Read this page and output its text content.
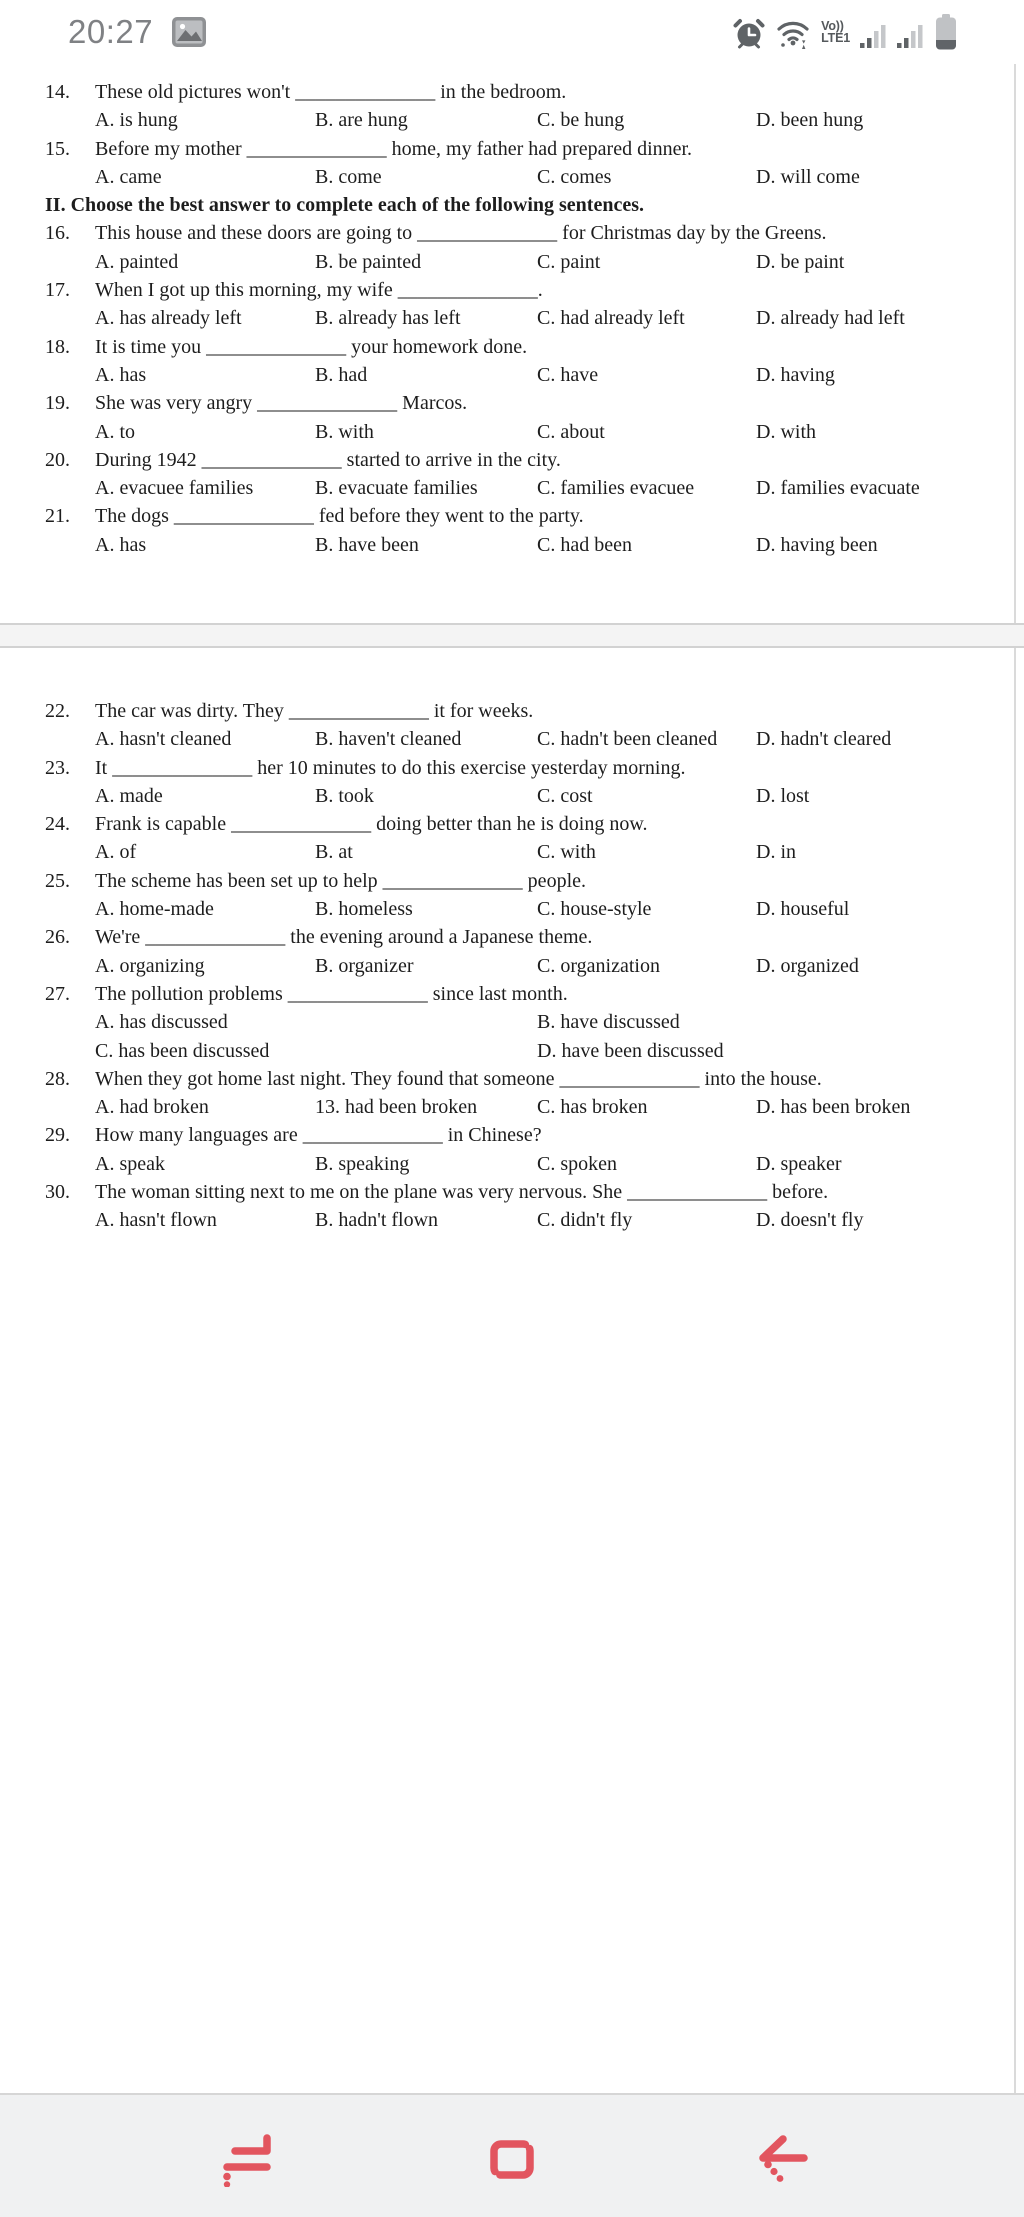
20:27	Vo))
LTE1
14.	These old pictures won't ______________ in the bedroom.
A. is hung	B. are hung	C. be hung	D. been hung
15.	Before my mother ______________ home, my father had prepared dinner.
A. came	B. come	C. comes	D. will come
II. Choose the best answer to complete each of the following sentences.
16.	This house and these doors are going to ______________ for Christmas day by the Greens.
A. painted	B. be painted	C. paint	D. be paint
17.	When I got up this morning, my wife ______________.
A. has already left	B. already has left	C. had already left	D. already had left
18.	It is time you ______________ your homework done.
A. has	B. had	C. have	D. having
19.	She was very angry ______________ Marcos.
A. to	B. with	C. about	D. with
20.	During 1942 ______________ started to arrive in the city.
A. evacuee families	B. evacuate families	C. families evacuee	D. families evacuate
21.	The dogs ______________ fed before they went to the party.
A. has	B. have been	C. had been	D. having been
22.	The car was dirty. They ______________ it for weeks.
A. hasn't cleaned	B. haven't cleaned	C. hadn't been cleaned	D. hadn't cleared
23.	It ______________ her 10 minutes to do this exercise yesterday morning.
A. made	B. took	C. cost	D. lost
24.	Frank is capable ______________ doing better than he is doing now.
A. of	B. at	C. with	D. in
25.	The scheme has been set up to help ______________ people.
A. home-made	B. homeless	C. house-style	D. houseful
26.	We're ______________ the evening around a Japanese theme.
A. organizing	B. organizer	C. organization	D. organized
27.	The pollution problems ______________ since last month.
A. has discussed	B. have discussed
C. has been discussed	D. have been discussed
28.	When they got home last night. They found that someone ______________ into the house.
A. had broken	13. had been broken	C. has broken	D. has been broken
29.	How many languages are ______________ in Chinese?
A. speak	B. speaking	C. spoken	D. speaker
30.	The woman sitting next to me on the plane was very nervous. She ______________ before.
A. hasn't flown	B. hadn't flown	C. didn't fly	D. doesn't fly
